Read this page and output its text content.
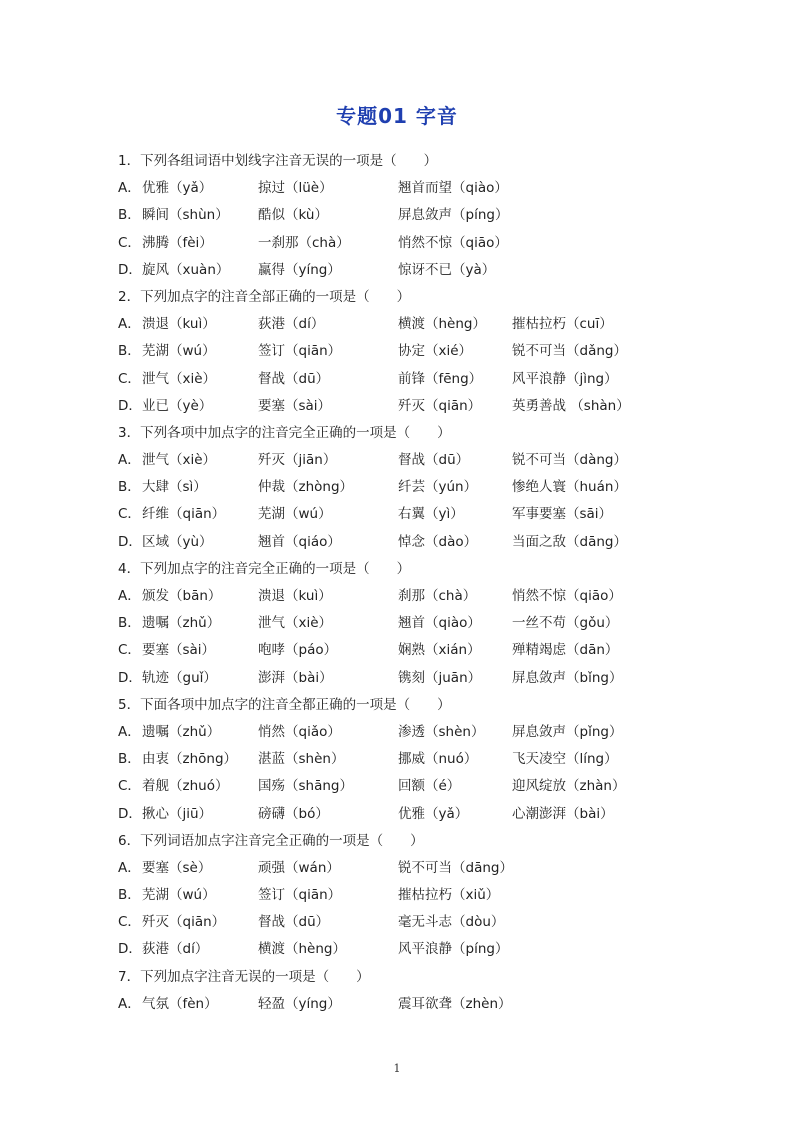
专题01 字音
1．下列各组词语中划线字注音无误的一项是（　　）
A． 优雅（yǎ）	掠过（lüè）	翘首而望（qiào）
B． 瞬间（shùn） 酷似（kù）	屏息敛声（píng）
C． 沸腾（fèi）	一刹那（chà）	悄然不惊（qiāo）
D． 旋风（xuàn） 赢得（yíng）	惊讶不已（yà）
2．下列加点字的注音全部正确的一项是（　　）
A． 溃退（kuì）	荻港（dí）	横渡（hèng） 摧枯拉朽（cuī）
B． 芜湖（wú）	签订（qiān）	协定（xié）	锐不可当（dǎng）
C． 泄气（xiè）	督战（dū）	前锋（fēng） 风平浪静（jìng）
D． 业已（yè）	要塞（sài）	歼灭（qiān） 英勇善战 （shàn）
3．下列各项中加点字的注音完全正确的一项是（　　）
A． 泄气（xiè）	歼灭（jiān）	督战（dū）	锐不可当（dàng）
B． 大肆（sì）	仲裁（zhòng）	纤芸（yún）	惨绝人寰（huán）
C． 纤维（qiān） 芜湖（wú）	右翼（yì）	军事要塞（sāi）
D． 区域（yù）	翘首（qiáo）	悼念（dào）	当面之敌（dāng）
4．下列加点字的注音完全正确的一项是（　　）
A． 颁发（bān）	溃退（kuì）	刹那（chà）	悄然不惊（qiāo）
B． 遗嘱（zhǔ）	泄气（xiè）	翘首（qiào） 一丝不苟（gǒu）
C． 要塞（sài）	咆哮（páo）	娴熟（xián） 殚精竭虑（dān）
D． 轨迹（guǐ）	澎湃（bài）	镌刻（juān） 屏息敛声（bǐng）
5．下面各项中加点字的注音全都正确的一项是（　　）
A． 遗嘱（zhǔ）	悄然（qiǎo）	渗透（shèn） 屏息敛声（pǐng）
B． 由衷（zhōng） 湛蓝（shèn）	挪威（nuó）	飞天凌空（líng）
C． 着舰（zhuó） 国殇（shāng）	回额（é）	迎风绽放（zhàn）
D． 揪心（jiū）	磅礴（bó）	优雅（yǎ）	心潮澎湃（bài）
6．下列词语加点字注音完全正确的一项是（　　）
A． 要塞（sè）	顽强（wán）	锐不可当（dāng）
B． 芜湖（wú）	签订（qiān）	摧枯拉朽（xiǔ）
C． 歼灭（qiān） 督战（dū）	毫无斗志（dòu）
D． 荻港（dí）	横渡（hèng）	风平浪静（píng）
7．下列加点字注音无误的一项是（　　）
A． 气氛（fèn）	轻盈（yíng）	震耳欲聋（zhèn）
1
